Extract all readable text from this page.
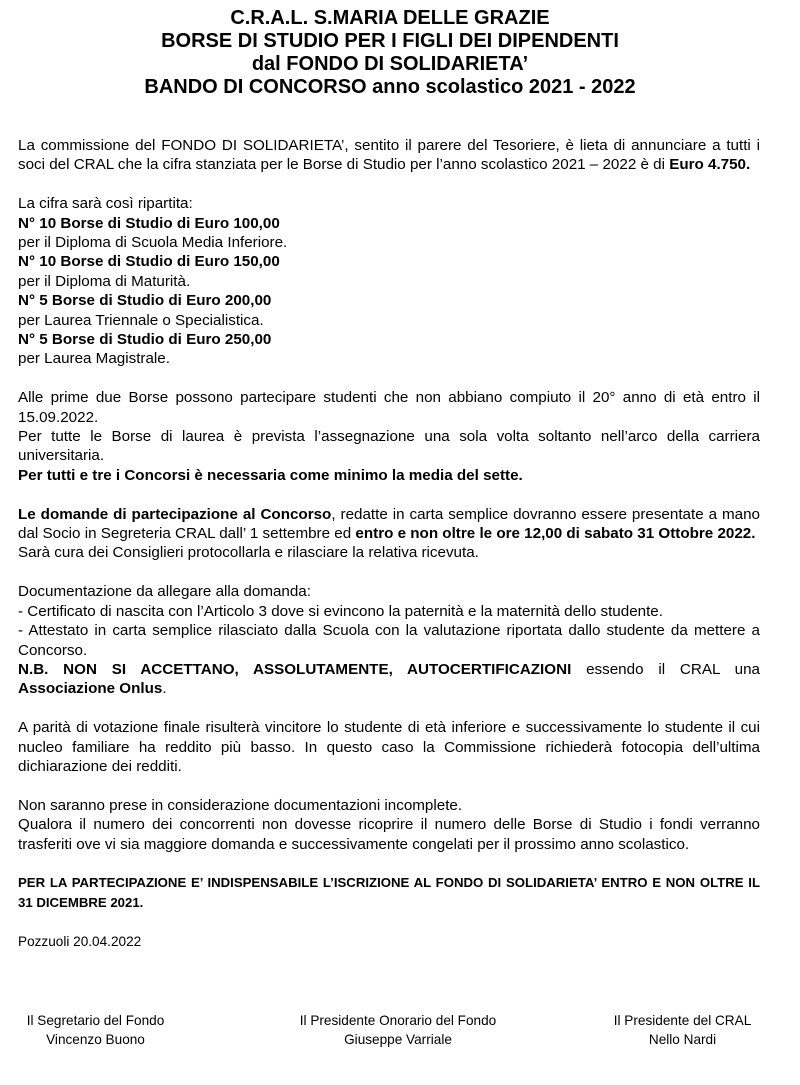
C.R.A.L. S.MARIA DELLE GRAZIE
BORSE DI STUDIO PER I FIGLI DEI DIPENDENTI
dal FONDO DI SOLIDARIETA’
BANDO DI CONCORSO anno scolastico 2021 - 2022

La commissione del FONDO DI SOLIDARIETA’, sentito il parere del Tesoriere, è lieta di annunciare a tutti i soci del CRAL che la cifra stanziata per le Borse di Studio per l’anno scolastico 2021 – 2022 è di Euro 4.750.

La cifra sarà così ripartita:
N° 10 Borse di Studio di Euro 100,00
per il Diploma di Scuola Media Inferiore.
N° 10 Borse di Studio di Euro 150,00
per il Diploma di Maturità.
N° 5 Borse di Studio di Euro 200,00
per Laurea Triennale o Specialistica.
N° 5 Borse di Studio di Euro 250,00
per Laurea Magistrale.

Alle prime due Borse possono partecipare studenti che non abbiano compiuto il 20° anno di età entro il 15.09.2022.

Per tutte le Borse di laurea è prevista l’assegnazione una sola volta soltanto nell’arco della carriera universitaria.

Per tutti e tre i Concorsi è necessaria come minimo la media del sette.

Le domande di partecipazione al Concorso, redatte in carta semplice dovranno essere presentate a mano dal Socio in Segreteria CRAL dall’ 1 settembre ed entro e non oltre le ore 12,00 di sabato 31 Ottobre 2022.

Sarà cura dei Consiglieri protocollarla e rilasciare la relativa ricevuta.

Documentazione da allegare alla domanda:

- Certificato di nascita con l’Articolo 3 dove si evincono la paternità e la maternità dello studente.

- Attestato in carta semplice rilasciato dalla Scuola con la valutazione riportata dallo studente da mettere a Concorso.

N.B. NON SI ACCETTANO, ASSOLUTAMENTE, AUTOCERTIFICAZIONI essendo il CRAL una Associazione Onlus.

A parità di votazione finale risulterà vincitore lo studente di età inferiore e successivamente lo studente il cui nucleo familiare ha reddito più basso. In questo caso la Commissione richiederà fotocopia dell’ultima dichiarazione dei redditi.

Non saranno prese in considerazione documentazioni incomplete.

Qualora il numero dei concorrenti non dovesse ricoprire il numero delle Borse di Studio i fondi verranno trasferiti ove vi sia maggiore domanda e successivamente congelati per il prossimo anno scolastico.

PER LA PARTECIPAZIONE E’ INDISPENSABILE L’ISCRIZIONE AL FONDO DI SOLIDARIETA’ ENTRO E NON OLTRE IL 31 DICEMBRE 2021.

Pozzuoli 20.04.2022

Il Segretario del Fondo
Vincenzo Buono
Il Presidente Onorario del Fondo
Giuseppe Varriale
Il Presidente del CRAL
Nello Nardi
